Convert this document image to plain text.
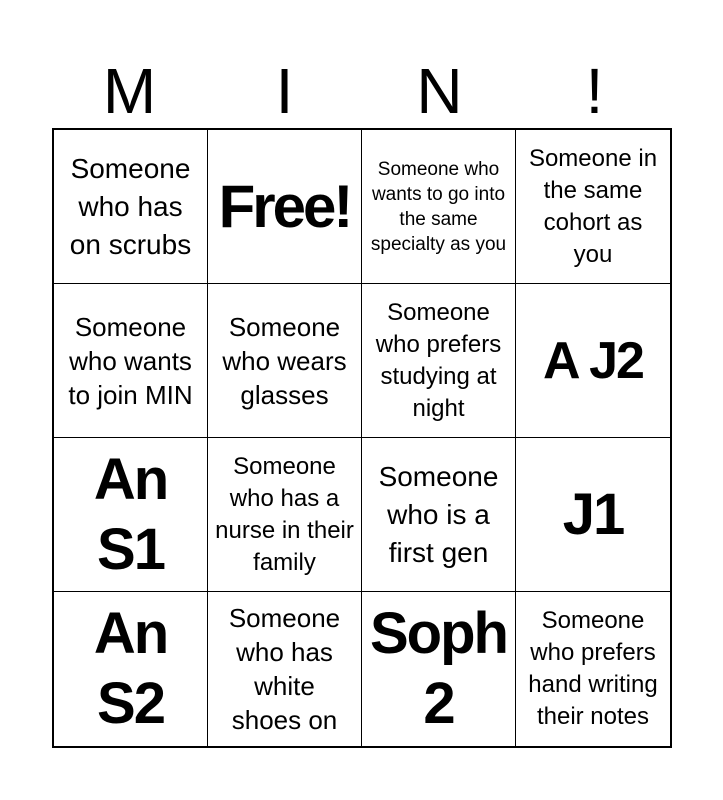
M	I	N	!
Someone who has on scrubs
Free!
Someone who wants to go into the same specialty as you
Someone in the same cohort as you
Someone who wants to join MIN
Someone who wears glasses
Someone who prefers studying at night
A J2
An S1
Someone who has a nurse in their family
Someone who is a first gen
J1
An S2
Someone who has white shoes on
Soph 2
Someone who prefers hand writing their notes
